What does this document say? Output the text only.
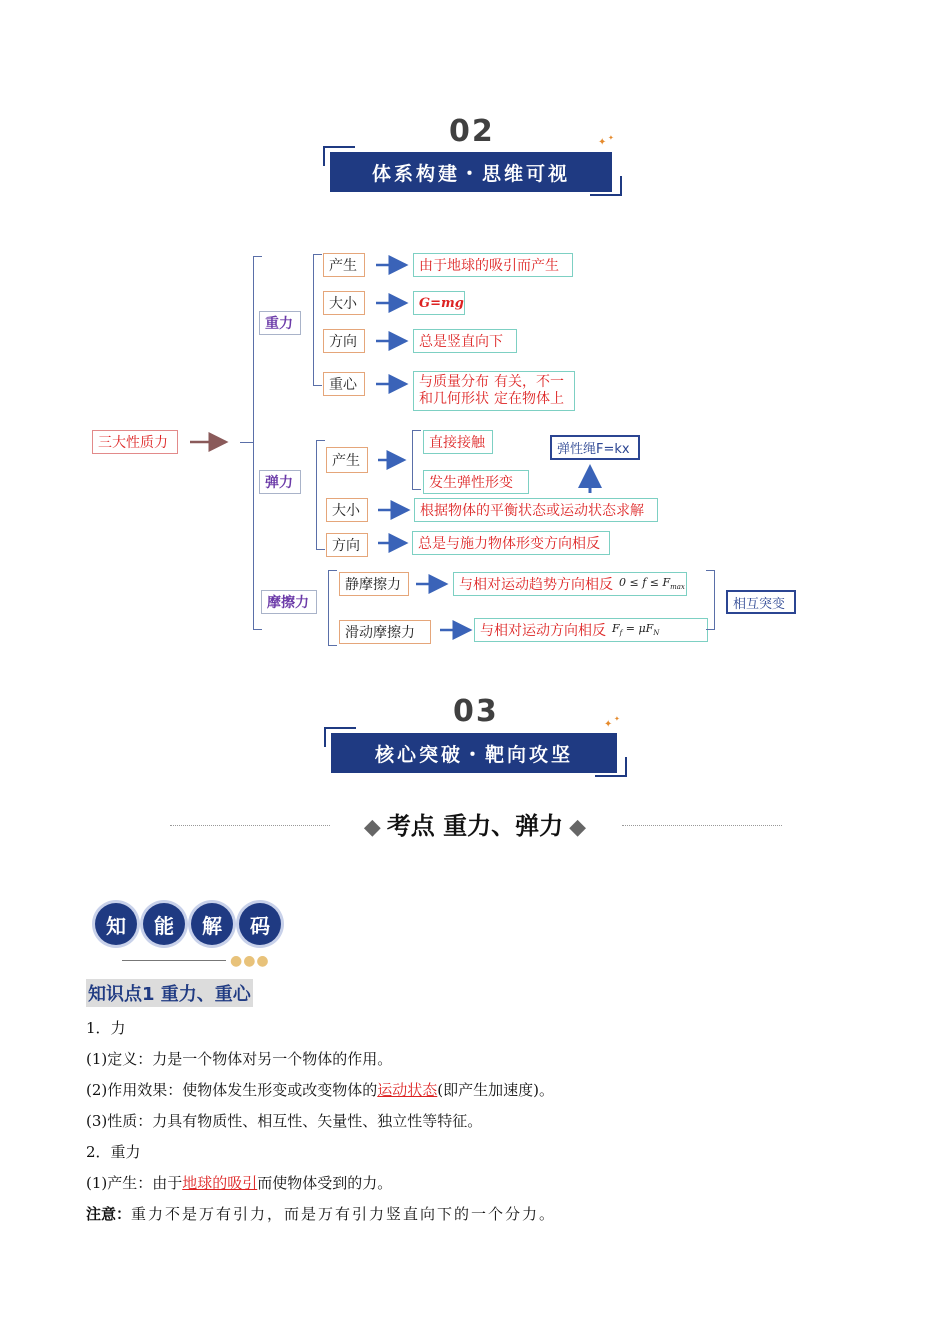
02
体系构建・思维可视
✦ ✦
三大性质力
重力
产生	由于地球的吸引而产生
大小	G=mg
方向	总是竖直向下
重心	与质量分布和几何形状

有关，不一定在物体上
弹力
产生
直接接触
发生弹性形变
弹性绳F=kx
大小	根据物体的平衡状态或运动状态求解
方向	总是与施力物体形变方向相反
摩擦力
静摩擦力	与相对运动趋势方向相反 $0 \le f \le F_{max}$
滑动摩擦力	与相对运动方向相反 $F_f = \mu F_N$
相互突变
03
核心突破・靶向攻坚
✦ ✦
◆ 考点 重力、弹力 ◆
知	能	解	码
●●●
知识点1 重力、重心
1．力
(1)定义：力是一个物体对另一个物体的作用。
(2)作用效果：使物体发生形变或改变物体的运动状态(即产生加速度)。
(3)性质：力具有物质性、相互性、矢量性、独立性等特征。
2．重力
(1)产生：由于地球的吸引而使物体受到的力。
注意：重力不是万有引力，而是万有引力竖直向下的一个分力。
